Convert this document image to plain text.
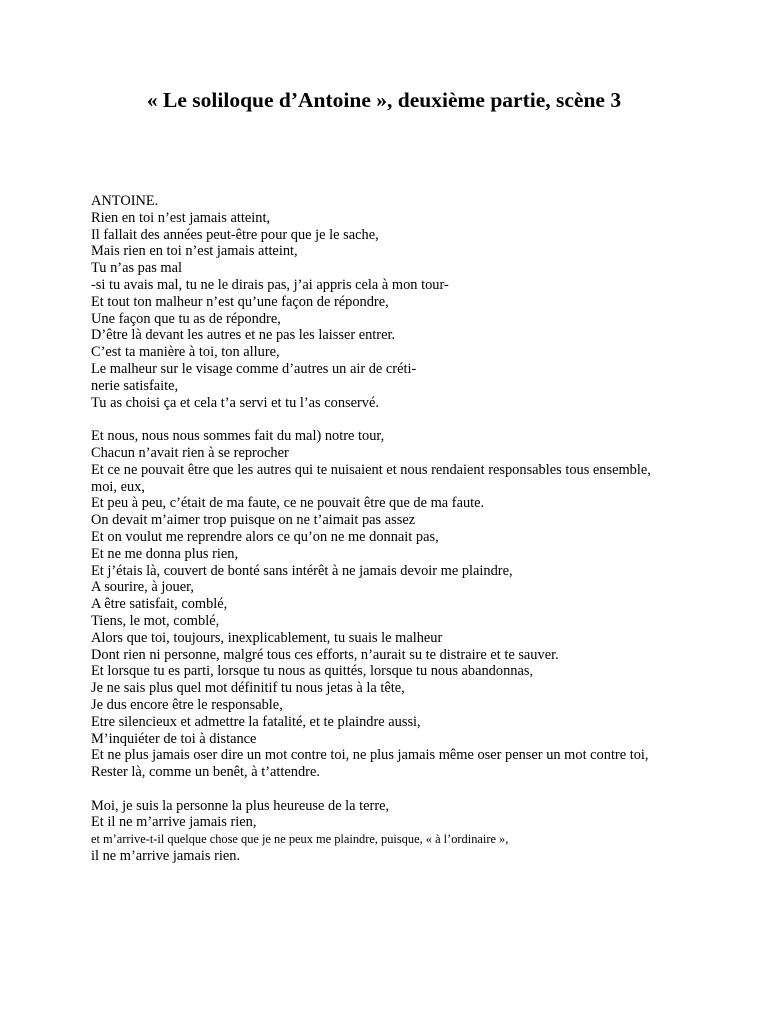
« Le soliloque d’Antoine », deuxième partie, scène 3
ANTOINE.
Rien en toi n’est jamais atteint,
Il fallait des années peut-être pour que je le sache,
Mais rien en toi n’est jamais atteint,
Tu n’as pas mal
-si tu avais mal, tu ne le dirais pas, j’ai appris cela à mon tour-
Et tout ton malheur n’est qu’une façon de répondre,
Une façon que tu as de répondre,
D’être là devant les autres et ne pas les laisser entrer.
C’est ta manière à toi, ton allure,
Le malheur sur le visage comme d’autres un air de créti-
nerie satisfaite,
Tu as choisi ça et cela t’a servi et tu l’as conservé.
Et nous, nous nous sommes fait du mal) notre tour,
Chacun n’avait rien à se reprocher
Et ce ne pouvait être que les autres qui te nuisaient et nous rendaient responsables tous ensemble,
moi, eux,
Et peu à peu, c’était de ma faute, ce ne pouvait être que de ma faute.
On devait m’aimer trop puisque on ne t’aimait pas assez
Et on voulut me reprendre alors ce qu’on ne me donnait pas,
Et ne me donna plus rien,
Et j’étais là, couvert de bonté sans intérêt à ne jamais devoir me plaindre,
A sourire, à jouer,
A être satisfait, comblé,
Tiens, le mot, comblé,
Alors que toi, toujours, inexplicablement, tu suais le malheur
Dont rien ni personne, malgré tous ces efforts, n’aurait su te distraire et te sauver.
Et lorsque tu es parti, lorsque tu nous as quittés, lorsque tu nous abandonnas,
Je ne sais plus quel mot définitif tu nous jetas à la tête,
Je dus encore être le responsable,
Etre silencieux et admettre la fatalité, et te plaindre aussi,
M’inquiéter de toi à distance
Et ne plus jamais oser dire un mot contre toi, ne plus jamais même oser penser un mot contre toi,
Rester là, comme un benêt, à t’attendre.
Moi, je suis la personne la plus heureuse de la terre,
Et il ne m’arrive jamais rien,
et m’arrive-t-il quelque chose que je ne peux me plaindre, puisque, « à l’ordinaire »,
il ne m’arrive jamais rien.
